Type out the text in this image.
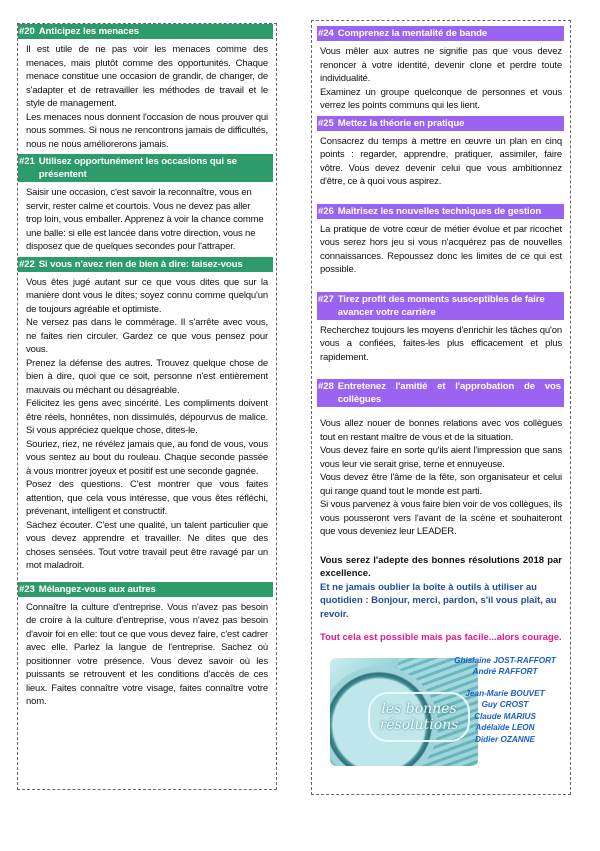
#20 Anticipez les menaces

Il est utile de ne pas voir les menaces comme des menaces, mais plutôt comme des opportunités. Chaque menace constitue une occasion de grandir, de changer, de s'adapter et de retravailler les méthodes de travail et le style de management.

Les menaces nous donnent l'occasion de nous prouver qui nous sommes. Si nous ne rencontrons jamais de difficultés, nous ne nous améliorerons jamais.

#21 Utilisez opportunément les occasions qui se présentent

Saisir une occasion, c'est savoir la reconnaître, vous en servir, rester calme et courtois. Vous ne devez pas aller trop loin, vous emballer. Apprenez à voir la chance comme une balle: si elle est lancée dans votre direction, vous ne disposez que de quelques secondes pour l'attraper.

#22 Si vous n'avez rien de bien à dire: taisez-vous

Vous êtes jugé autant sur ce que vous dites que sur la manière dont vous le dites; soyez connu comme quelqu'un de toujours agréable et optimiste.

Ne versez pas dans le commérage. Il s'arrête avec vous, ne faites rien circuler. Gardez ce que vous pensez pour vous.

Prenez la défense des autres. Trouvez quelque chose de bien à dire, quoi que ce soit, personne n'est entièrement mauvais ou méchant ou désagréable.

Félicitez les gens avec sincérité. Les compliments doivent être réels, honnêtes, non dissimulés, dépourvus de malice. Si vous appréciez quelque chose, dites-le.

Souriez, riez, ne révélez jamais que, au fond de vous, vous vous sentez au bout du rouleau. Chaque seconde passée à vous montrer joyeux et positif est une seconde gagnée.

Posez des questions. C'est montrer que vous faites attention, que cela vous intéresse, que vous êtes réfléchi, prévenant, intelligent et constructif.

Sachez écouter. C'est une qualité, un talent particulier que vous devez apprendre et travailler. Ne dites que des choses sensées. Tout votre travail peut être ravagé par un mot maladroit.

#23 Mélangez-vous aux autres

Connaître la culture d'entreprise. Vous n'avez pas besoin de croire à la culture d'entreprise, vous n'avez pas besoin d'avoir foi en elle: tout ce que vous devez faire, c'est cadrer avec elle. Parlez la langue de l'entreprise. Sachez où positionner votre présence. Vous devez savoir où les puissants se retrouvent et les conditions d'accès de ces lieux. Faites connaître votre visage, faites connaître votre nom.

#24 Comprenez la mentalité de bande

Vous mêler aux autres ne signifie pas que vous devez renoncer à votre identité, devenir clone et perdre toute individualité.

Examinez un groupe quelconque de personnes et vous verrez les points communs qui les lient.

#25 Mettez la théorie en pratique

Consacrez du temps à mettre en œuvre un plan en cinq points : regarder, apprendre, pratiquer, assimiler, faire vôtre. Vous devez devenir celui que vous ambitionnez d'être, ce à quoi vous aspirez.

#26 Maîtrisez les nouvelles techniques de gestion

La pratique de votre cœur de métier évolue et par ricochet vous serez hors jeu si vous n'acquérez pas de nouvelles connaissances. Repoussez donc les limites de ce qui est possible.

#27 Tirez profit des moments susceptibles de faire avancer votre carrière

Recherchez toujours les moyens d'enrichir les tâches qu'on vous a confiées, faites-les plus efficacement et plus rapidement.

#28 Entretenez l'amitié et l'approbation de vos collègues

Vous allez nouer de bonnes relations avec vos collègues tout en restant maître de vous et de la situation.

Vous devez faire en sorte qu'ils aient l'impression que sans vous leur vie serait grise, terne et ennuyeuse.

Vous devez être l'âme de la fête, son organisateur et celui qui range quand tout le monde est parti.

Si vous parvenez à vous faire bien voir de vos collègues, ils vous pousseront vers l'avant de la scène et souhaiteront que vous deveniez leur LEADER.

Vous serez l'adepte des bonnes résolutions 2018 par excellence.
Et ne jamais oublier la boîte à outils à utiliser au quotidien : Bonjour, merci, pardon, s'il vous plaît, au revoir.
Tout cela est possible mais pas facile...alors courage.
les bonnes
résolutions
Ghislaine JOST-RAFFORT
André RAFFORT
Jean-Marie BOUVET
Guy CROST
Claude MARIUS
Adélaïde LEON
Didier OZANNE
